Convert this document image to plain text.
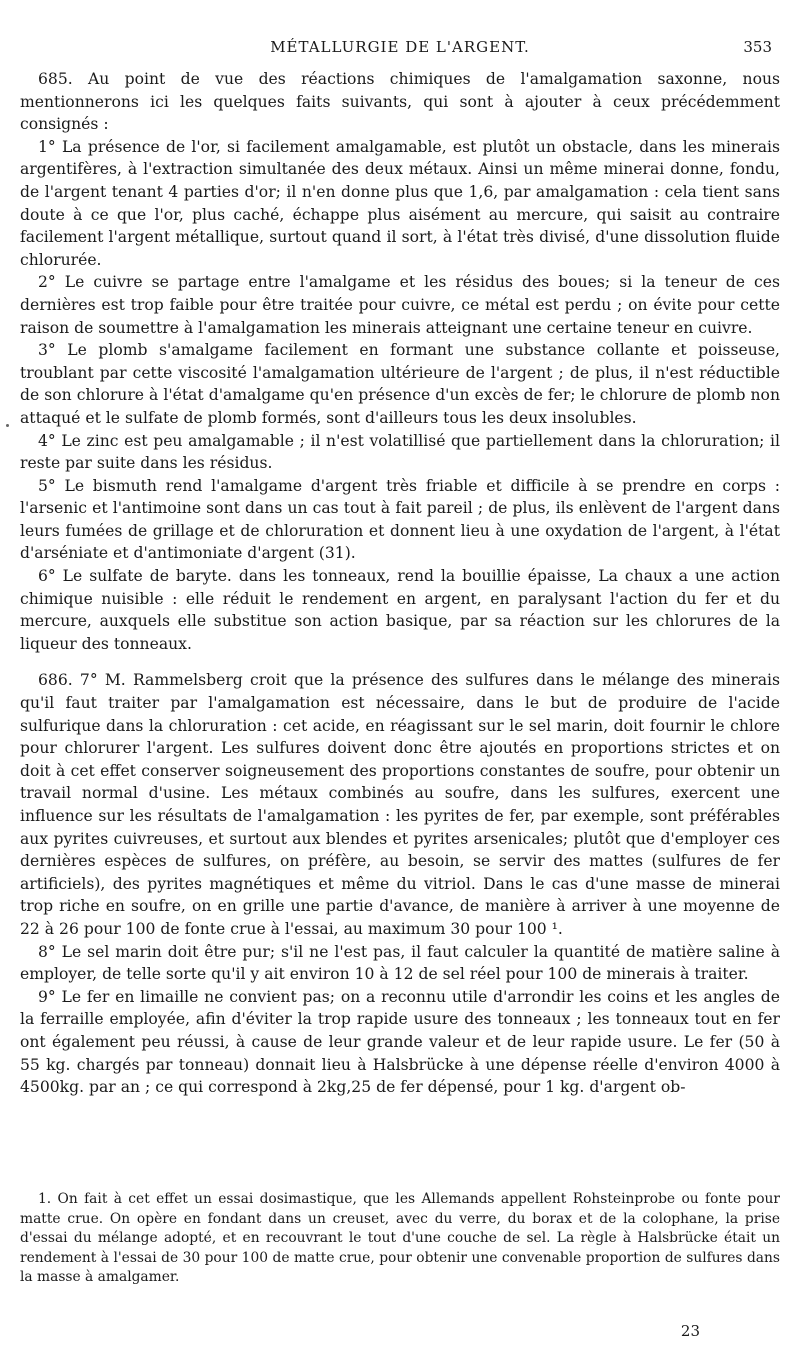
MÉTALLURGIE DE L'ARGENT.	353

685. Au point de vue des réactions chimiques de l'amalgamation saxonne, nous mentionnerons ici les quelques faits suivants, qui sont à ajouter à ceux précédemment consignés :

1° La présence de l'or, si facilement amalgamable, est plutôt un obstacle, dans les minerais argentifères, à l'extraction simultanée des deux métaux. Ainsi un même minerai donne, fondu, de l'argent tenant 4 parties d'or; il n'en donne plus que 1,6, par amalgamation : cela tient sans doute à ce que l'or, plus caché, échappe plus aisément au mercure, qui saisit au contraire facilement l'argent métallique, surtout quand il sort, à l'état très divisé, d'une dissolution fluide chlorurée.

2° Le cuivre se partage entre l'amalgame et les résidus des boues; si la teneur de ces dernières est trop faible pour être traitée pour cuivre, ce métal est perdu ; on évite pour cette raison de soumettre à l'amalgamation les minerais atteignant une certaine teneur en cuivre.

3° Le plomb s'amalgame facilement en formant une substance collante et poisseuse, troublant par cette viscosité l'amalgamation ultérieure de l'argent ; de plus, il n'est réductible de son chlorure à l'état d'amalgame qu'en présence d'un excès de fer; le chlorure de plomb non attaqué et le sulfate de plomb formés, sont d'ailleurs tous les deux insolubles.

4° Le zinc est peu amalgamable ; il n'est volatillisé que partiellement dans la chloruration; il reste par suite dans les résidus.

5° Le bismuth rend l'amalgame d'argent très friable et difficile à se prendre en corps : l'arsenic et l'antimoine sont dans un cas tout à fait pareil ; de plus, ils enlèvent de l'argent dans leurs fumées de grillage et de chloruration et donnent lieu à une oxydation de l'argent, à l'état d'arséniate et d'antimoniate d'argent (31).

6° Le sulfate de baryte. dans les tonneaux, rend la bouillie épaisse, La chaux a une action chimique nuisible : elle réduit le rendement en argent, en paralysant l'action du fer et du mercure, auxquels elle substitue son action basique, par sa réaction sur les chlorures de la liqueur des tonneaux.

686. 7° M. Rammelsberg croit que la présence des sulfures dans le mélange des minerais qu'il faut traiter par l'amalgamation est nécessaire, dans le but de produire de l'acide sulfurique dans la chloruration : cet acide, en réagissant sur le sel marin, doit fournir le chlore pour chlorurer l'argent. Les sulfures doivent donc être ajoutés en proportions strictes et on doit à cet effet conserver soigneusement des proportions constantes de soufre, pour obtenir un travail normal d'usine. Les métaux combinés au soufre, dans les sulfures, exercent une influence sur les résultats de l'amalgamation : les pyrites de fer, par exemple, sont préférables aux pyrites cuivreuses, et surtout aux blendes et pyrites arsenicales; plutôt que d'employer ces dernières espèces de sulfures, on préfère, au besoin, se servir des mattes (sulfures de fer artificiels), des pyrites magnétiques et même du vitriol. Dans le cas d'une masse de minerai trop riche en soufre, on en grille une partie d'avance, de manière à arriver à une moyenne de 22 à 26 pour 100 de fonte crue à l'essai, au maximum 30 pour 100 ¹.

8° Le sel marin doit être pur; s'il ne l'est pas, il faut calculer la quantité de matière saline à employer, de telle sorte qu'il y ait environ 10 à 12 de sel réel pour 100 de minerais à traiter.

9° Le fer en limaille ne convient pas; on a reconnu utile d'arrondir les coins et les angles de la ferraille employée, afin d'éviter la trop rapide usure des tonneaux ; les tonneaux tout en fer ont également peu réussi, à cause de leur grande valeur et de leur rapide usure. Le fer (50 à 55 kg. chargés par tonneau) donnait lieu à Halsbrücke à une dépense réelle d'environ 4000 à 4500kg. par an ; ce qui correspond à 2kg,25 de fer dépensé, pour 1 kg. d'argent ob-

1. On fait à cet effet un essai dosimastique, que les Allemands appellent Rohsteinprobe ou fonte pour matte crue. On opère en fondant dans un creuset, avec du verre, du borax et de la colophane, la prise d'essai du mélange adopté, et en recouvrant le tout d'une couche de sel. La règle à Halsbrücke était un rendement à l'essai de 30 pour 100 de matte crue, pour obtenir une convenable proportion de sulfures dans la masse à amalgamer.

23
